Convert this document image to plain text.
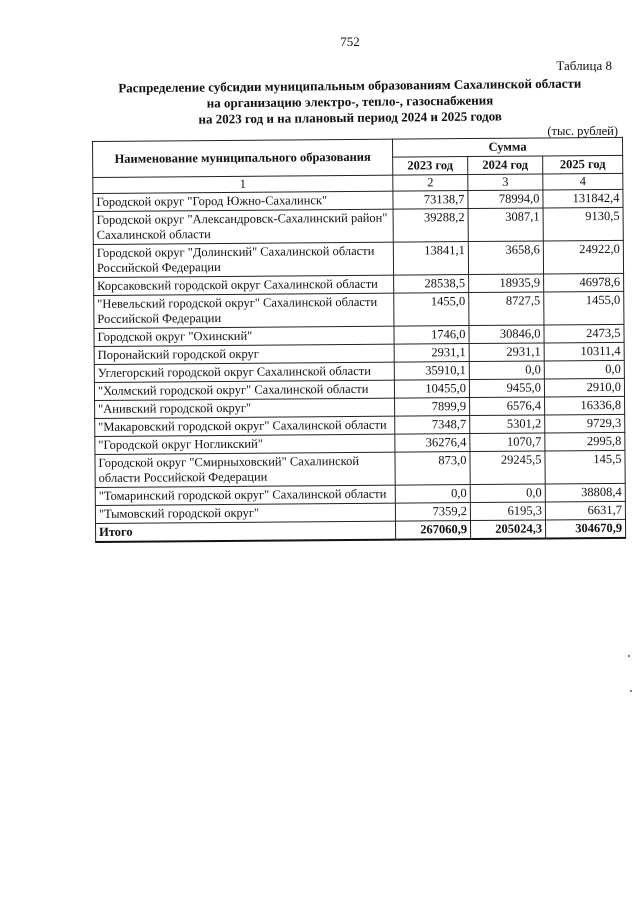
752
Таблица 8
Распределение субсидии муниципальным образованиям Сахалинской области
на организацию электро-, тепло-, газоснабжения
на 2023 год и на плановый период 2024 и 2025 годов
(тыс. рублей)
Наименование муниципального образования	Сумма		
	2023 год	2024 год	2025 год
1	2	3	4
Городской округ "Город Южно-Сахалинск"	73138,7	78994,0	131842,4
Городской округ "Александровск-Сахалинский район" Сахалинской области	39288,2	3087,1	9130,5
Городской округ "Долинский" Сахалинской области Российской Федерации	13841,1	3658,6	24922,0
Корсаковский городской округ Сахалинской области	28538,5	18935,9	46978,6
"Невельский городской округ" Сахалинской области Российской Федерации	1455,0	8727,5	1455,0
Городской округ "Охинский"	1746,0	30846,0	2473,5
Поронайский городской округ	2931,1	2931,1	10311,4
Углегорский городской округ Сахалинской области	35910,1	0,0	0,0
"Холмский городской округ" Сахалинской области	10455,0	9455,0	2910,0
"Анивский городской округ"	7899,9	6576,4	16336,8
"Макаровский городской округ" Сахалинской области	7348,7	5301,2	9729,3
"Городской округ Ногликский"	36276,4	1070,7	2995,8
Городской округ "Смирныховский" Сахалинской области Российской Федерации	873,0	29245,5	145,5
"Томаринский городской округ" Сахалинской области	0,0	0,0	38808,4
"Тымовский городской округ"	7359,2	6195,3	6631,7
Итого	267060,9	205024,3	304670,9
